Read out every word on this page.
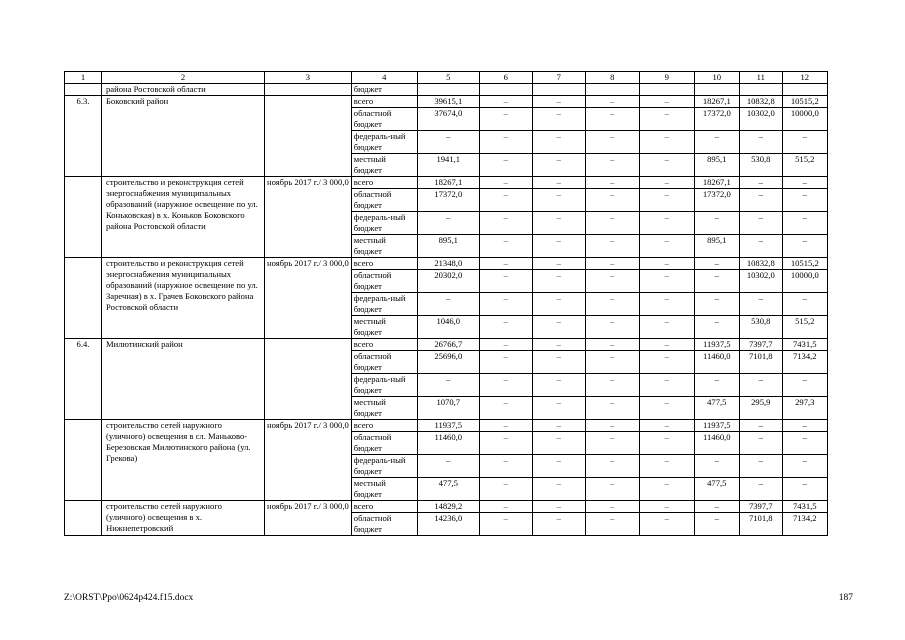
1	2	3	4	5	6	7	8	9	10	11	12
	района Ростовской области		бюджет								
6.3.	Боковский район		всего	39615,1	–	–	–	–	18267,1	10832,8	10515,2
			областной бюджет	37674,0	–	–	–	–	17372,0	10302,0	10000,0
			федераль-ный бюджет	–	–	–	–	–	–	–	–
			местный бюджет	1941,1	–	–	–	–	895,1	530,8	515,2
	строительство и реконструкция сетей энергоснабжения муниципальных образований (наружное освещение по ул. Коньковская) в х. Коньков Боковского района Ростовской области	ноябрь 2017 г./ 3 000,0	всего	18267,1	–	–	–	–	18267,1	–	–
			областной бюджет	17372,0	–	–	–	–	17372,0	–	–
			федераль-ный бюджет	–	–	–	–	–	–	–	–
			местный бюджет	895,1	–	–	–	–	895,1	–	–
	строительство и реконструкция сетей энергоснабжения муниципальных образований (наружное освещение по ул. Заречная) в х. Грачев Боковского района Ростовской области	ноябрь 2017 г./ 3 000,0	всего	21348,0	–	–	–	–	–	10832,8	10515,2
			областной бюджет	20302,0	–	–	–	–	–	10302,0	10000,0
			федераль-ный бюджет	–	–	–	–	–	–	–	–
			местный бюджет	1046,0	–	–	–	–	–	530,8	515,2
6.4.	Милютинский район		всего	26766,7	–	–	–	–	11937,5	7397,7	7431,5
			областной бюджет	25696,0	–	–	–	–	11460,0	7101,8	7134,2
			федераль-ный бюджет	–	–	–	–	–	–	–	–
			местный бюджет	1070,7	–	–	–	–	477,5	295,9	297,3
	строительство сетей наружного (уличного) освещения в сл. Маньково-Березовская Милютинского района (ул. Грекова)	ноябрь 2017 г./ 3 000,0	всего	11937,5	–	–	–	–	11937,5	–	–
			областной бюджет	11460,0	–	–	–	–	11460,0	–	–
			федераль-ный бюджет	–	–	–	–	–	–	–	–
			местный бюджет	477,5	–	–	–	–	477,5	–	–
	строительство сетей наружного (уличного) освещения в х. Нижнепетровский	ноябрь 2017 г./ 3 000,0	всего	14829,2	–	–	–	–	–	7397,7	7431,5
			областной бюджет	14236,0	–	–	–	–	–	7101,8	7134,2
Z:\ORST\Ppo\0624p424.f15.docx	187
